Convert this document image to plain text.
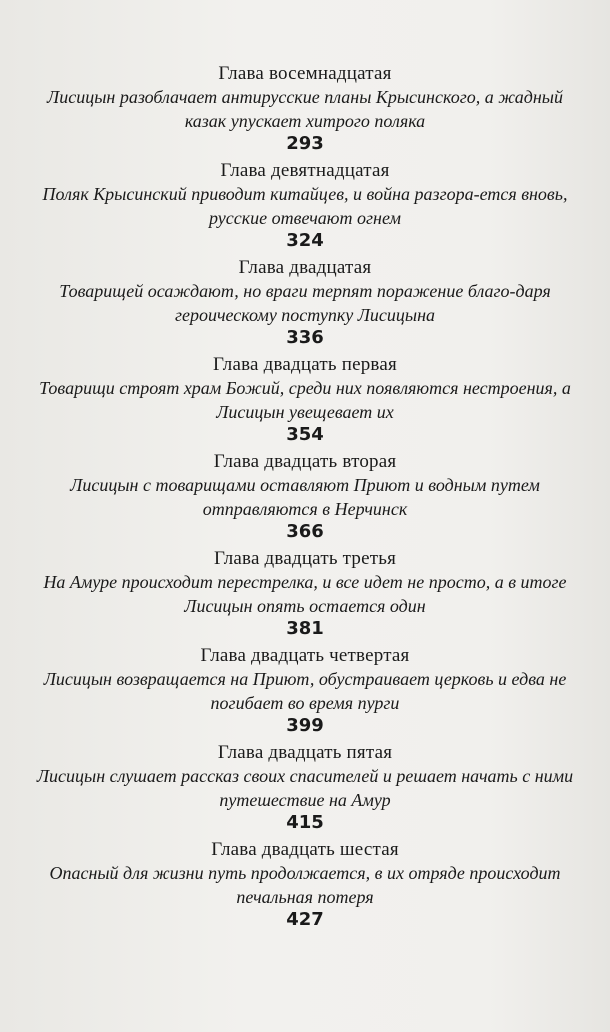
Глава восемнадцатая
Лисицын разоблачает антирусские планы Крысинского, а жадный казак упускает хитрого поляка
293
Глава девятнадцатая
Поляк Крысинский приводит китайцев, и война разгора-ется вновь, русские отвечают огнем
324
Глава двадцатая
Товарищей осаждают, но враги терпят поражение благо-даря героическому поступку Лисицына
336
Глава двадцать первая
Товарищи строят храм Божий, среди них появляются нестроения, а Лисицын увещевает их
354
Глава двадцать вторая
Лисицын с товарищами оставляют Приют и водным путем отправляются в Нерчинск
366
Глава двадцать третья
На Амуре происходит перестрелка, и все идет не просто, а в итоге Лисицын опять остается один
381
Глава двадцать четвертая
Лисицын возвращается на Приют, обустраивает церковь и едва не погибает во время пурги
399
Глава двадцать пятая
Лисицын слушает рассказ своих спасителей и решает начать с ними путешествие на Амур
415
Глава двадцать шестая
Опасный для жизни путь продолжается, в их отряде происходит печальная потеря
427
